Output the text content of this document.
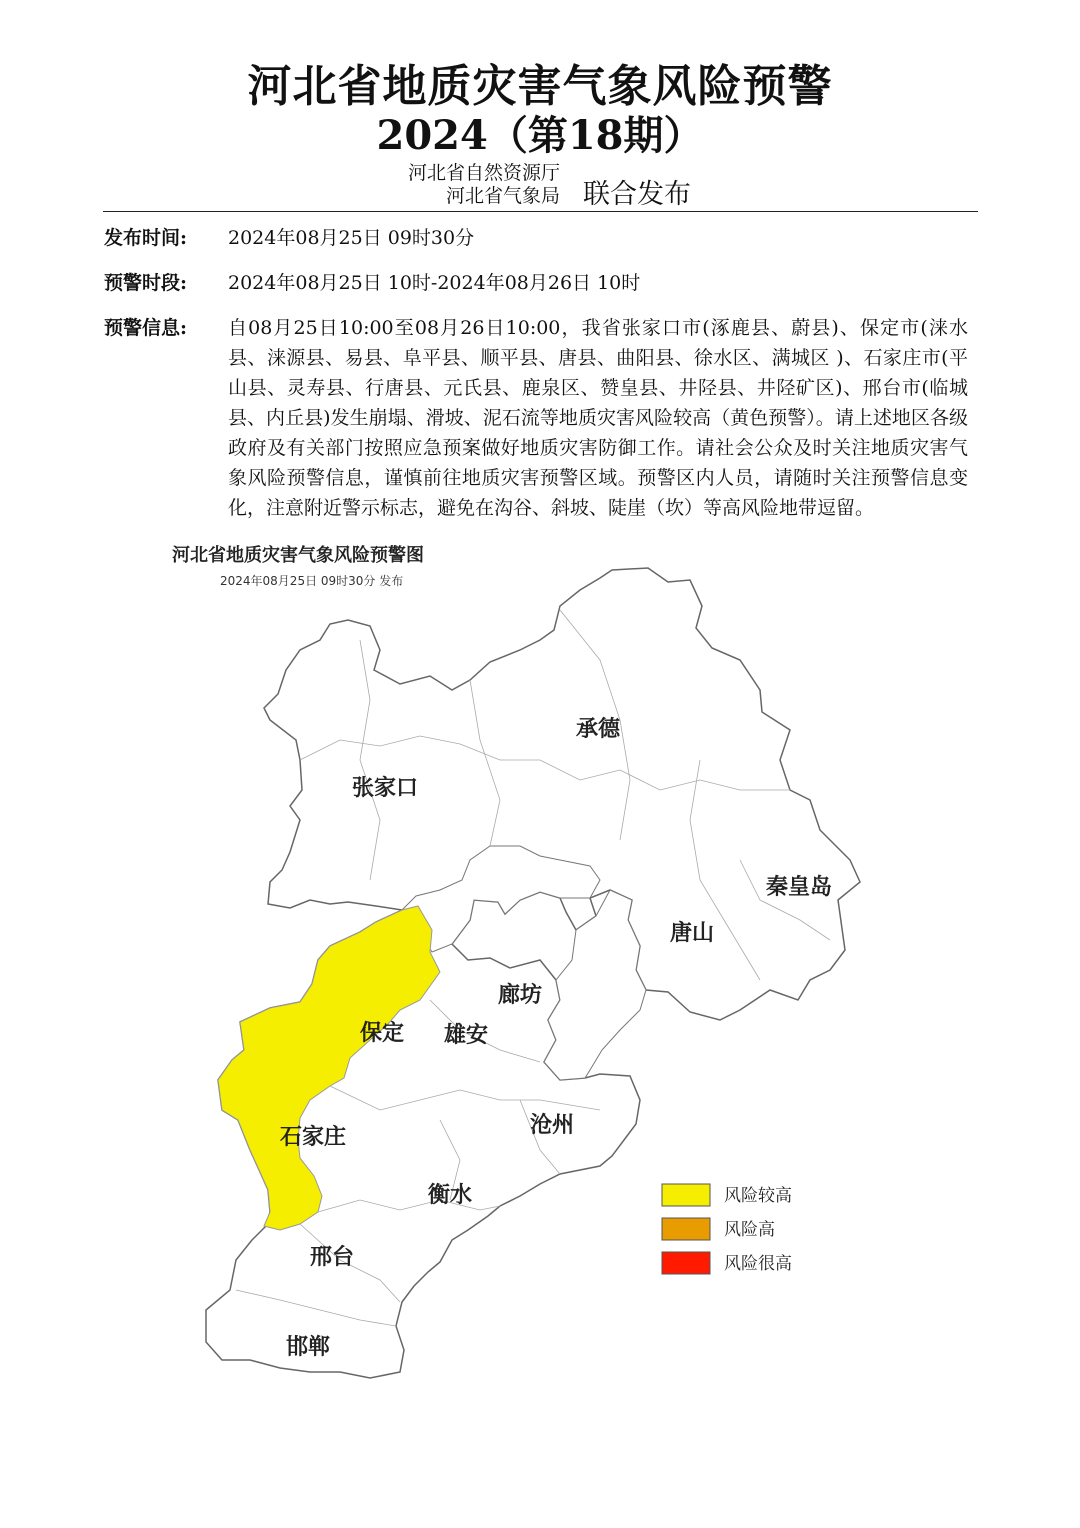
河北省地质灾害气象风险预警
2024（第18期）
河北省自然资源厅
河北省气象局 联合发布
发布时间:	2024年08月25日 09时30分
预警时段:	2024年08月25日 10时-2024年08月26日 10时
预警信息:	自08月25日10:00至08月26日10:00，我省张家口市(涿鹿县、蔚县)、保定市(涞水县、涞源县、易县、阜平县、顺平县、唐县、曲阳县、徐水区、满城区 )、石家庄市(平山县、灵寿县、行唐县、元氏县、鹿泉区、赞皇县、井陉县、井陉矿区)、邢台市(临城县、内丘县)发生崩塌、滑坡、泥石流等地质灾害风险较高（黄色预警）。请上述地区各级政府及有关部门按照应急预案做好地质灾害防御工作。请社会公众及时关注地质灾害气象风险预警信息，谨慎前往地质灾害预警区域。预警区内人员，请随时关注预警信息变化，注意附近警示标志，避免在沟谷、斜坡、陡崖（坎）等高风险地带逗留。
河北省地质灾害气象风险预警图
2024年08月25日 09时30分 发布
承德
张家口
秦皇岛
唐山
廊坊
保定 雄安
沧州
石家庄
衡水
邢台
邯郸
风险较高
风险高
风险很高
